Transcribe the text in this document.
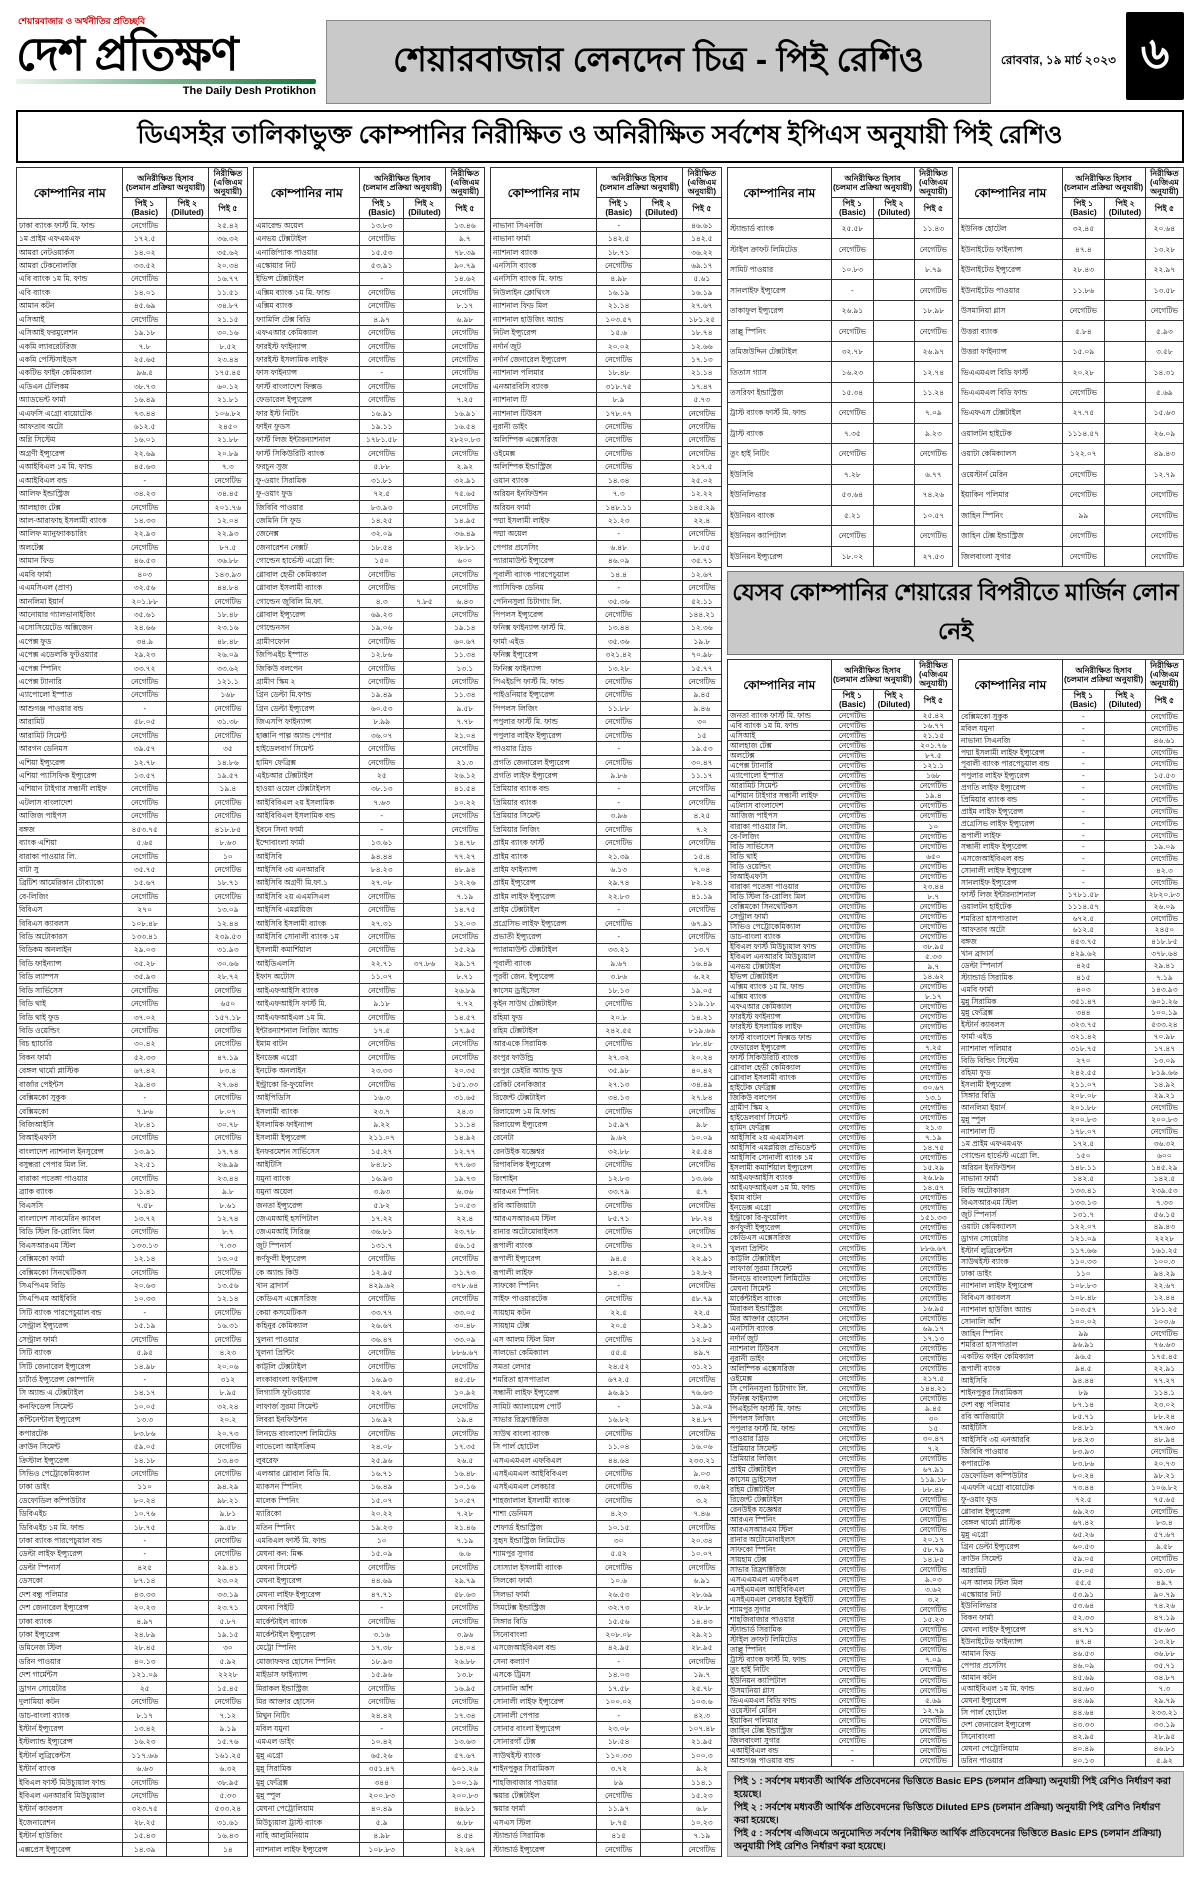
শেয়ারবাজার ও অর্থনীতির প্রতিচ্ছবি
দেশ প্রতিক্ষণ
The Daily Desh Protikhon
শেয়ারবাজার লেনদেন চিত্র - পিই রেশিও	রোববার, ১৯ মার্চ ২০২৩ ৬
ডিএসইর তালিকাভুক্ত কোম্পানির নিরীক্ষিত ও অনিরীক্ষিত সর্বশেষ ইপিএস অনুযায়ী পিই রেশিও
কোম্পানির নাম	অনিরীক্ষিত হিসাব (চলমান প্রক্রিয়া অনুযায়ী)		নিরীক্ষিত (এজিএম অনুযায়ী)
	পিই ১ (Basic)	পিই ২ (Diluted)	পিই ৫
ঢাকা ব্যাংক ফার্স্ট মি. ফান্ড	নেগেটিভ		২৫.৪২
১ম প্রাইম এফএমএফ	১৭২.৫		৩৬.৩২
আমরা নেটওয়ার্কস	১৪.০২		৩৫.৬২
আমরা টেকনোলজি	৩৩.৫২		২০.৩৪
এবি ব্যাংক ১ম মি. ফান্ড	নেগেটিভ		১৬.৭৭
এবি ব্যাংক	১৪.০১		১১.৫১
আমান কটন	৪৫.৬৯		৩৪.৮৭
এসিআই	নেগেটিভ		২১.১৫
এসিআই ফরমুলেশন	১৯.১৮		৩০.১৬
একমি ল্যাবরেটরিজ	৭.৮		৮.৫২
একমি পেস্টিসাইডস	২৫.৬৫		২৩.৪৪
একটিভ ফাইন কেমিক্যাল	৯৬.৫		১৭৫.৪৫
এডিএন টেলিকম	৩৮.৭৩		৬০.১২
অ্যাডভেন্ট ফার্মা	১৬.৪৯		২১.৮১
এএফসি এগ্রো বায়োটেক	৭৩.৪৪		১০৬.৮২
আফতাব অটো	৬১২.৫		২৪৫০
অগ্নি সিস্টেম	১৬.০১		২১.৮৮
অগ্রণী ইন্স্যুরেন্স	২২.৬৯		২০.৮৯
এআইবিএল ১ম মি. ফান্ড	৪৫.৬৩		৭.৩
এআইবিএল বন্ড	-		নেগেটিভ
আলিফ ইন্ডাস্ট্রিজ	৩৪.২৩		৩৪.৪৫
আলহাজ টেক্স	নেগেটিভ		২০১.৭৬
আল-আরাফাহ ইসলামী ব্যাংক	১৪.৩৩		১২.০৪
আলিফ ম্যানুফ্যাকচারিং	২২.৯৩		২২.৯৩
অলটেক্স	নেগেটিভ		৮৭.৫
আমান ফিড	৪৬.৫৩		৩৬.৮৮
এমবি ফার্মা	৪০৩		১৪৩.৯৩
এএমসিএল (প্রাণ)	৩২.৫৬		৪৪.৮৪
আনলিমা ইয়ার্ন	২০১.৮৮		নেগেটিভ
আনোয়ার গ্যালভানাইজিং	৩৫.৬১		১৮.৪৮
এসোসিয়েটেড অক্সিজেন	২৪.৬৬		২৩.১৬
এপেক্স ফুড	৩৪.৯		৪৮.৪৮
এপেক্স এডেলকি ফুটওয়্যার	২৯.২৩		২৬.০৯
এপেক্স স্পিনিং	৩৩.৭২		৩৩.৬২
এপেক্স ট্যানারি	নেগেটিভ		১২১.১
এ্যাপোলো ইস্পাত	নেগেটিভ		১৬৮
আশুগঞ্জ পাওয়ার বন্ড	-		নেগেটিভ
আরামিট	৫৮.০৫		৩১.৩৮
আরামিট সিমেন্ট	নেগেটিভ		নেগেটিভ
আরগন ডেনিমস	৩৯.৫৭		৩৫
এশিয়া ইন্স্যুরেন্স	১২.৭৮		১৪.৮৬
এশিয়া প্যাসিফিক ইন্স্যুরেন্স	১৩.৫৭		১৯.৫৭
এশিয়ান টাইগার সন্ধানী লাইফ	নেগেটিভ		১৯.৪
এটলাস বাংলাদেশ	নেগেটিভ		নেগেটিভ
আজিজ পাইপস	নেগেটিভ		নেগেটিভ
বঙ্গজ	৪৫৩.৭৫		৪১৮.৮৫
ব্যাংক এশিয়া	৫.৬৫		৮.৬৩
বারাকা পাওয়ার লি.	নেগেটিভ		১০
বাটা সু	৩৫.৭৫		নেগেটিভ
ব্রিটিশ আমেরিকান টোব্যাকো	১৫.৬৭		১৮.৭১
বে-লিজিং	নেগেটিভ		নেগেটিভ
বিবিএস	২৭০		১৩.০৯
বিবিএস ক্যাবলস	১০৮.৪৮		১২.৪৪
বিডি অটোকারস	১৩৩.৪১		২৩৯.৫৩
বিডিকম অনলাইন	২৯.০৩		৩১.৯৩
বিডি ফাইন্যান্স	৩৫.২৮		৩০.৬৬
বিডি ল্যাম্পস	৩৫.৯৩		২৮.৭২
বিডি সার্ভিসেস	নেগেটিভ		নেগেটিভ
বিডি থাই	নেগেটিভ		৬৫০
বিডি থাই ফুড	৩৭.০২		১৫৭.১৮
বিডি ওয়েল্ডিং	নেগেটিভ		নেগেটিভ
বিচ হ্যাচারি	৩০.৪২		নেগেটিভ
বিকন ফার্মা	৫২.৩৩		৪৭.১৯
বেঙ্গল থার্মো প্লাস্টিক	৬৭.৪২		৮৩.৪
বার্জার পেইন্টস	২৯.৪৩		২৭.৬৪
বেক্সিমকো সুকুক	-		নেগেটিভ
বেক্সিমকো	৭.৮৬		৮.০৭
বিজিআইসি	২৮.৪১		৩০.৭৮
বিআইএফসি	নেগেটিভ		নেগেটিভ
বাংলাদেশ ন্যাশনাল ইনসুরেন্স	১৩.৯১		১৭.৭৪
বসুন্ধরা পেপার মিল লি.	২২.৫১		২৬.৯৯
বারাকা পতেঙ্গা পাওয়ার	নেগেটিভ		২৩.৪৪
ব্র্যাক ব্যাংক	১১.৪১		৯.৮
বিএসসি	৭.৫৮		৮.৬১
বাংলাদেশ সাবমেরিন ক্যাবল	১৩.৭২		১২.৭৪
বিডি স্টিল রি-রোলিং মিল	নেগেটিভ		৮.৭
বিএসআরএম স্টিল	১৩৩.১৩		৭.৩৩
বেক্সিমকো ফার্মা	১২.১৪		১৩.০৫
বেক্সিমকো সিনথেটিকস	নেগেটিভ		নেগেটিভ
সিএপিএম বিডি	২০.৬৩		১৩.৫৬
সিএপিএম আইবিবি	১০.৩৩		১২.১৪
সিটি ব্যাংক পারপেচুয়াল বন্ড	-		নেগেটিভ
সেন্ট্রাল ইন্স্যুরেন্স	১৫.১৯		১৬.৩১
সেন্ট্রাল ফার্মা	নেগেটিভ		নেগেটিভ
সিটি ব্যাংক	৫.৯৫		৪.২৩
সিটি জেনারেল ইন্স্যুরেন্স	১৪.৯৮		২০.০৬
চার্টার্ড ইন্স্যুরেন্স কোম্পানি	-		৩১২
সি অ্যান্ড এ টেক্সটাইল	১৪.১৭		৮.৯৫
কনফিডেন্স সিমেন্ট	১০.০৫		৩২.২৪
কন্টিনেন্টাল ইন্স্যুরেন্স	১৩.৩		২০.২
কপারটেক	৮৩.৮৬		২০.৭৩
ক্রাউন সিমেন্ট	৫৯.০৫		নেগেটিভ
ক্রিস্টাল ইন্স্যুরেন্স	১৪.১৮		১৩.৪৩
সিভিও পেট্রোকেমিক্যাল	নেগেটিভ		নেগেটিভ
ঢাকা ডাইং	১১০		৯৪.২৯
ডেফোডিল কম্পিউটার	৮০.২৪		৯৮.২১
ডিবিএইচ	১০.৭৬		৯.৮১
ডিবিএইচ ১ম মি. ফান্ড	১৮.৭৫		৯.৫৮
ঢাকা ব্যাংক পারপেচুয়াল বন্ড	-		নেগেটিভ
ডেল্টা লাইফ ইন্স্যুরেন্স	-		নেগেটিভ
ডেল্টা স্পিনার্স	৪২৫		২৯.৪১
ডেসকো	৮৭.১৪		২৩.০২
দেশ বন্ধু পলিমার	৪৩.৩৩		৩৩.১৯
দেশ জেনারেল ইন্স্যুরেন্স	২০.২৩		২৩.৭১
ঢাকা ব্যাংক	৪.৯৭		৫.৮৭
ঢাকা ইন্স্যুরেন্স	২৪.৮৯		১৯.১৫
ডমিনেজ স্টিল	২৮.৪৫		৩০
ডরিন পাওয়ার	৪০.১৩		৫.৯২
দেশ গার্মেন্টস	১২১.০৯		২২২৮
ড্রাগন সোয়েটার	২৫		১৫.৪৫
দুলামিয়া কটন	নেগেটিভ		নেগেটিভ
ডাচ-বাংলা ব্যাংক	৮.১৭		৭.১২
ইস্টার্ন ইন্স্যুরেন্স	১৩.৪২		৯.১৯
ইস্টল্যান্ড ইন্স্যুরেন্স	১৬.২৩		১৫.৭৬
ইস্টার্ন লুব্রিকেন্টস	১১৭.৬৬		১৬১.২৫
ইস্টার্ন ব্যাংক	৬.৬৩		৬.৩২
ইবিএল ফার্স্ট মিউচ্যুয়াল ফান্ড	নেগেটিভ		৩৮.৯৫
ইবিএল এনআরবি মিউচ্যুয়াল	নেগেটিভ		৫.৩৩
ইস্টার্ন ক্যাবলস	৩২৩.৭৫		৫৩৩.২৪
ইজেনারেশন	২৮.২৫		৩১.৬১
ইস্টার্ন হাউজিং	১৫.৪৩		১৬.৪৩
এক্সপ্রেস ইন্স্যুরেন্স	১৪.৩৯		১৪
কোম্পানির নাম	অনিরীক্ষিত হিসাব (চলমান প্রক্রিয়া অনুযায়ী)		নিরীক্ষিত (এজিএম অনুযায়ী)
	পিই ১ (Basic)	পিই ২ (Diluted)	পিই ৫
এমারেল্ড অয়েল	১৩.৮৩		১৩.৪৬
এনভয় টেক্সটাইল	নেগেটিভ		৯.৭
এনার্জিপ্যাক পাওয়ার	১৫.৫৩		৭৮.৩৯
এস্কোয়ার নিট	৫৩.৯১		৯০.৭৯
ইভিন্স টেক্সটাইল	-		১৪.৬২
এক্সিম ব্যাংক ১ম মি. ফান্ড	নেগেটিভ		নেগেটিভ
এক্সিম ব্যাংক	নেগেটিভ		৮.১৭
ফ্যামিলি টেক্স বিডি	৪.৯৭		৬.৯৮
এফএআর কেমিক্যাল	নেগেটিভ		নেগেটিভ
ফারইস্ট ফাইন্যান্স	নেগেটিভ		নেগেটিভ
ফারইস্ট ইসলামিক লাইফ	নেগেটিভ		নেগেটিভ
ফাস ফাইন্যান্স	-		নেগেটিভ
ফার্স্ট বাংলাদেশ ফিক্সড	নেগেটিভ		নেগেটিভ
ফেডারেল ইন্স্যুরেন্স	নেগেটিভ		৭.২৫
ফার ইস্ট নিটিং	১৬.৯১		১৬.৯১
ফাইন ফুডস	১৯.১১		১৬.৫৪
ফার্স্ট লিজ ইন্টারন্যাশনাল	১৭৮১.৫৮		২৮২০.৮৩
ফার্স্ট সিকিউরিটি ব্যাংক	নেগেটিভ		নেগেটিভ
ফরচুন সুজ	৫.৮৮		২.৯২
ফু-ওয়াং সিরামিক	৩১.৮১		৩২.৯১
ফু-ওয়াং ফুড	৭২.৫		৭৫.৬৫
জিবিবি পাওয়ার	৮৩.৯৩		নেগেটিভ
জেমিনি সি ফুড	১৪.২৫		১৪.৯৫
জেনেক্স	৩২.০৯		৩৬.৪৯
জেনারেশন নেক্সট	১৮.৫৪		২৮.৮১
গোল্ডেন হার্ভেস্ট এগ্রো লি:	১৫০		৬০০
গ্লোবাল হেভী কেমিক্যাল	নেগেটিভ		নেগেটিভ
গ্লোবাল ইসলামী ব্যাংক	নেগেটিভ		নেগেটিভ
গোল্ডেন জুবিলি মি.ফা.	৪.৩	৭.৮৫	৬.৪৩
গ্লোবাল ইন্স্যুরেন্স	৬৯.২৩		নেগেটিভ
গোল্ডেনসন	১৯.০৬		১৯.১৪
গ্রামীণফোন	নেগেটিভ		৬০.৬৭
জিপিএইচ ইস্পাত	১২.৮৬		১১.৩৪
জিকিউ বলপেন	নেগেটিভ		১৩.১
গ্রামীণ স্কিম ২	নেগেটিভ		নেগেটিভ
গ্রিন ডেল্টা মি.ফান্ড	১৯.৪৯		১১.৩৪
গ্রিন ডেল্টা ইন্স্যুরেন্স	৬০.৫৩		৯.৫৮
জিএসপি ফাইন্যান্স	৮.৯৯		৭.৭৮
হাক্কানি পাল্প অ্যান্ড পেপার	৩৬.০৭		২১.০৪
হাইডেলবার্গ সিমেন্ট	নেগেটিভ		নেগেটিভ
হামিদ ফেব্রিক্স	নেগেটিভ		২১.৩
এইচআর টেক্সটাইল	২৫		২৬.১২
হাওয়া ওয়েল টেক্সটাইলস	৩৮.১৩		৪১.৫৪
আইবিবিএল ২য় ইসলামিক	৭.৬৩		১০.২২
আইবিবিএল ইসলামিক বন্ড	-		নেগেটিভ
ইবনে সিনা ফার্মা	-		নেগেটিভ
ইন্দোবাংলা ফার্মা	১৩.৬১		১৪.৭৮
আইসিবি	৯৪.৪৪		৭৭.২৭
আইসিবি ৩য় এনআরবি	৮৪.২৩		৪৮.৯৪
আইসিবি অগ্রণী মি.ফা.১	২৭.০৮		১২.২৬
আইসিবি ২য় এএমসিএল	নেগেটিভ		৭.১৯
আইসিবি এমপ্লয়িজ	নেগেটিভ		১৪.৭৫
আইসিবি ইসলামী ব্যাংক	২৭.৩১		১২.০৩
আইসিবি সোনালী ব্যাংক ১ম	নেগেটিভ		নেগেটিভ
ইসলামী কমার্শিয়াল	নেগেটিভ		১৫.২৯
আইডিএলসি	২২.৭১	৩৭.৮৬	২৯.১৭
ইফাদ অটোস	১১.০৭		৮.৭১
আইএফআইসি ব্যাংক	নেগেটিভ		২৬.৮৯
আইএফআইসি ফার্স্ট মি.	৯.১৮		৭.৭২
আইএফআইএল ১ম মি.	নেগেটিভ		১৪.৫৭
ইন্টারন্যাশনাল লিজিং অ্যান্ড	১৭.৫		১৭.৯৫
ইমাম বাটন	নেগেটিভ		নেগেটিভ
ইনডেক্স এগ্রো	নেগেটিভ		নেগেটিভ
ইনটেক অনলাইন	২৩.৩৩		২০.৩৫
ইন্ট্রাকো রি-ফুয়েলিং	নেগেটিভ		১৫১.৩৩
আইপিডিসি	১৬.৩		৩১.৬৫
ইসলামী ব্যাংক	২৩.৭		২৪.৩
ইসলামিক ফাইন্যান্স	৯.২২		১১.১৪
ইসলামী ইন্স্যুরেন্স	২১১.০৭		১৪.৯২
ইনফরমেশন সার্ভিসেস	১৫.২৭		১২.৭৭
আইটিসি	৮৪.৮১		৭৭.৬৩
যমুনা ব্যাংক	১৬.৯৩		১৯.৭৩
যমুনা অয়েল	৩.৯৩		৬.৩৬
জনতা ইন্স্যুরেন্স	৫.৮২		১০.৫৩
জেএমআই হসপিটাল	১৭.২২		২২.৪
জেএমআই সিরিঞ্জ	৩৬.৮১		২৩.৭৮
জুট স্পিনার্স	১৩১.৭		৫৬.১৫
কর্ণফুলী ইন্স্যুরেন্স	নেগেটিভ		নেগেটিভ
কে অ্যান্ড কিউ	১২.৯৫		১১.৭৩
খান ব্রাদার্স	৪২৯.৬২		৩৭৮.৬৪
কেডিএস এক্সেসরিজ	নেগেটিভ		নেগেটিভ
কেয়া কসমেটিকস	৩৩.৭৭		৩৩.০৫
কহিনুর কেমিক্যাল	২৬.৬৭		৩০.৪৮
খুলনা পাওয়ার	৩৬.৪৭		৩৩.০৯
খুলনা প্রিন্টিং	নেগেটিভ		৮৮৬.৬৭
কাট্টলি টেক্সটাইল	নেগেটিভ		নেগেটিভ
লংকাবাংলা ফাইন্যান্স	১৬.৯৩		৪৫.৫৮
লিগ্যাসি ফুটওয়্যার	২২.৬৭		১০.৯২
লাফার্জ সুরমা সিমেন্ট	নেগেটিভ		নেগেটিভ
লিবরা ইনফিউশন	১৬.৯২		১৯.৪
লিনডে বাংলাদেশ লিমিটেড	নেগেটিভ		নেগেটিভ
লাভেলো আইসক্রিম	২৪.০৮		১৭.৩৫
লুবরেফ	২৫.৯৬		২৬.৫
এলআর গ্লোবাল বিডি মি.	১৬.৭১		১৬.৪৮
ম্যাকসন স্পিনিং	১৬.৪৯		১০.১৬
মালেক স্পিনিং	১৫.০৭		১০.৫৭
ম্যারিকো	২০.২২		৭.২৮
মতিন স্পিনিং	১৯.২৩		২১.৪৬
এমবিএল ফার্স্ট মি. ফান্ড	১০		৭.১৯
মেঘনা কন: মিল্ক	১৫.০৯		৬.৬
মেঘনা সিমেন্ট	নেগেটিভ		নেগেটিভ
মেঘনা ইন্স্যুরেন্স	৪৪.৬৯		২৯.৭৯
মেঘনা লাইফ ইন্স্যুরেন্স	৪৭.৭১		৫৮.৬৩
মেঘনা পিইটি	-		নেগেটিভ
মার্কেন্টাইল ব্যাংক	নেগেটিভ		নেগেটিভ
মার্কেন্টাইল ইন্স্যুরেন্স	৩.১৬		৩.৯৬
মেট্রো স্পিনিং	১৭.৩৮		১৪.০৪
মোজাফফর হোসেন স্পিনিং	১৮.৯৩		২৬.৮৮
মাইডাস ফাইন্যান্স	১৫.৯৬		১৩.৮
মিরাকল ইন্ডাস্ট্রিজ	নেগেটিভ		১৬.৯৫
মির আক্তার হোসেন	নেগেটিভ		নেগেটিভ
মিথুন নিটিং	২৪.৪২		১৭.৩৪
মবিল যমুনা	-		নেগেটিভ
এমএল ডাইং	১০.৪২		১৩.৬৩
মুন্নু এগ্রো	৬৫.২৬		৫৭.৬৭
মুন্নু সিরামিক	৩৫১.৪৭		৬০১.২৬
মুন্নু ফেব্রিক্স	৩৪৪		১০০.১৯
মুন্নু স্পুল	২০০.৮৩		২০০.৮৩
মেঘনা পেট্রোলিয়াম	৪০.৪৯		৪৬.৮১
মিউচ্যুয়াল ট্রাস্ট ব্যাংক	৫.৯		৬.৮৮
নাহি আলুমিনিয়াম	৪.৯৮		৪.৫৪
ন্যাশনাল লাইফ ইন্স্যুরেন্স	১০৮.৮৩		২২.৬৭
কোম্পানির নাম	অনিরীক্ষিত হিসাব (চলমান প্রক্রিয়া অনুযায়ী)		নিরীক্ষিত (এজিএম অনুযায়ী)
	পিই ১ (Basic)	পিই ২ (Diluted)	পিই ৫
নাভানা সিএনজি	-		৪৬.৬১
নাভানা ফার্মা	১৪২.৫		১৪২.৫
ন্যাশনাল ব্যাংক	১৮.৭১		৩৬.২২
এনসিসি ব্যাংক	নেগেটিভ		৬৯.১৭
এনসিসি ব্যাংক মি. ফান্ড	৪.৯৮		৫.৬১
নিউলাইন ক্লোথিংস	১৬.১৯		১৬.১৯
ন্যাশনাল ফিড মিল	২১.১৪		২৭.৬৭
ন্যাশনাল হাউজিং অ্যান্ড	১০৩.৫৭		১৮১.২৫
নিটল ইন্স্যুরেন্স	১৫.৬		১৮.৭৪
নর্দার্ন জুট	২০.০২		১২.৬৬
নর্দার্ন জেনারেল ইন্স্যুরেন্স	নেগেটিভ		১৭.১৩
ন্যাশনাল পলিমার	১৮.৪৮		২১.১৪
এনআরবিসি ব্যাংক	৩১৮.৭৫		১৭.৪৭
ন্যাশনাল টি	৮.৯		৫.৭৩
ন্যাশনাল টিউবস	১৭৮.০৭		নেগেটিভ
নুরানী ডাইং	নেগেটিভ		নেগেটিভ
অলিম্পিক এক্সেসরিজ	নেগেটিভ		নেগেটিভ
ওইমেক্স	নেগেটিভ		নেগেটিভ
অলিম্পিক ইন্ডাস্ট্রিজ	নেগেটিভ		২১৭.৫
ওয়ান ব্যাংক	১৪.৩৪		২৫.০২
অরিয়ন ইনফিউশন	৭.৩		১২.২২
অরিয়ন ফার্মা	১৪৮.১১		১৪৫.২৯
পদ্মা ইসলামী লাইফ	২১.২৩		২২.৪
পদ্মা অয়েল	-		নেগেটিভ
পেপার প্রসেসিং	৬.৪৮		৮.৫৫
প্যারামাউন্ট ইন্স্যুরেন্স	৪৬.০৯		৩৫.৭১
পূবালী ব্যাংক পারপেচুয়াল	১৪.৪		১২.৬৭
প্যাসিফিক ডেনিম	-		নেগেটিভ
পেনিনসুলা চিটাগাং লি.	৩৫.৩৬		৫২.১১
পিপলস ইন্স্যুরেন্স	নেগেটিভ		১৪৪.২১
ফনিক্স ফাইন্যান্স ফার্স্ট মি.	১৩.৪৪		১২.৩৬
ফার্মা এইড	৩৫.৩৬		১৯.৮
ফনিক্স ইন্স্যুরেন্স	৩২১.৪২		৭০.৯৮
ফিনিক্স ফাইন্যান্স	১৩.২৮		১৫.৭৭
পিএইচপি ফার্স্ট মি. ফান্ড	নেগেটিভ		নেগেটিভ
পাইওনিয়ার ইন্স্যুরেন্স	নেগেটিভ		৯.৪৫
পিপলস লিজিং	১১.৮৮		৯.৪৬
পপুলার ফার্স্ট মি. ফান্ড	নেগেটিভ		৩০
পপুলার লাইফ ইন্স্যুরেন্স	নেগেটিভ		১৫
পাওয়ার গ্রিড	-		১৯.৫৩
প্রগতি জেনারেল ইন্স্যুরেন্স	নেগেটিভ		৩০.৪৭
প্রগতি লাইফ ইন্স্যুরেন্স	৯.৮৬		১১.১৭
প্রিমিয়ার ব্যাংক বন্ড	-		নেগেটিভ
প্রিমিয়ার ব্যাংক	-		নেগেটিভ
প্রিমিয়ার সিমেন্ট	৩.৯৬		৪.২৫
প্রিমিয়ার লিজিং	নেগেটিভ		৭.২
প্রাইম ব্যাংক ফার্স্ট	নেগেটিভ		নেগেটিভ
প্রাইম ব্যাংক	২১.৩৯		১৫.৪
প্রাইম ফাইন্যান্স	৬.১৩		৭.০৪
প্রাইম ইন্স্যুরেন্স	২৯.৭৪		৮২.১৪
প্রাইম লাইফ ইন্স্যুরেন্স	২২.৮৩		৪১.১৯
প্রাইম টেক্সটাইল	-		নেগেটিভ
প্রগ্রেসিভ লাইফ ইন্স্যুরেন্স	নেগেটিভ		৬৭.৯১
প্রভাতী ইন্স্যুরেন্স	-		নেগেটিভ
প্যারামাউন্ট টেক্সটাইল	৩৩.২১		১৩.৭
পূবালী ব্যাংক	৯.৬৭		১৬.৪৯
পূরবী জেন. ইন্স্যুরেন্স	৩.৮৬		৬.২২
কাসেম ড্রাইসেল	১৮.১৩		১৯.০৫
কুইন সাউথ টেক্সটাইল	নেগেটিভ		১১৯.১৮
রহিমা ফুড	২০.৮		১৪.২১
রহিম টেক্সটাইল	২৪২.৫৫		৮১৯.৬৬
আরএকে সিরামিক	নেগেটিভ		৮৮.৪৮
রংপুর ফাউন্ড্রি	২৭.৩২		২০.২৪
রংপুর ডেইরি অ্যান্ড ফুড	৩৫.৯৮		৪০.৪২
রেকিট বেনকিজার	২৭.১৩		৩৪.৪৯
রিজেন্ট টেক্সটাইল	৩৪.১৩		২৭.৮৪
রিলায়েন্স ১ম মি.ফান্ড	নেগেটিভ		নেগেটিভ
রিলায়েন্স ইন্স্যুরেন্স	১৫.৯৭		৯.৮
রেনেটা	৯.৬২		১০.০৯
রেনউইক যজ্ঞেশ্বর	৩২.৮৮		২৫.৫৪
রিপাবলিক ইন্স্যুরেন্স	নেগেটিভ		নেগেটিভ
রিংশাইন	১২.৮৩		১৩.৬৬
আরএন স্পিনিং	৩৩.৭৯		৫.৭
রবি আজিয়াটা	নেগেটিভ		নেগেটিভ
আরএসআরএম স্টিল	৮৫.৭১		৮৮.২৪
রানার অটোমোবাইলস	নেগেটিভ		নেগেটিভ
রূপালী ব্যাংক	নেগেটিভ		২০.১৭
রূপালী ইন্স্যুরেন্স	৯৪.৫		২২.৯১
রূপালী লাইফ	১৪.০৪		১২.৮২
সাফকো স্পিনিং	-		নেগেটিভ
সাইফ পাওয়ারটেক	নেগেটিভ		৫৮.৭৯
সায়হাম কটন	২২.৫		২২.৫
সায়হাম টেক্স	২০.৫		১২.৯১
এস আলম স্টিল মিল	নেগেটিভ		১২.৮৫
সালভো কেমিক্যাল	৫৫.৫		৪৯.৭
সমতা লেদার	২৪.৫২		৩১.২১
শমরিতা হাসপাতাল	৬৭২.৫		নেগেটিভ
সন্ধানী লাইফ ইন্স্যুরেন্স	৯৬.৯১		৭৬.৬৩
সামিট অ্যালায়েন্স পোর্ট	-		১৯.০৯
সাভার রিফ্র্যাক্টরিজ	১৬.৮২		২৪.৮৭
সাউথ বাংলা ব্যাংক	নেগেটিভ		নেগেটিভ
সি পার্ল হোটেল	১১.০৪		১৬.০৬
এসএএমএল এফবিএল	৪৪.৬৪		২৩৩.২১
এসইএমএল আইবিবিএল	নেগেটিভ		৯.০৩
এসইএমএল লেকচার	নেগেটিভ		৩.৬২
শাহজালাল ইসলামী ব্যাংক	নেগেটিভ		৩.২
শাশা ডেনিমস	৪.২৩		৭.৪৬
শেফার্ড ইন্ডাস্ট্রিজ	১০.১৫		নেগেটিভ
সুহৃদ ইন্ডাস্ট্রিজ লিমিটেড	৩০		২০.৩৪
শ্যামপুর সুগার	৫.৫২		১০.০৭
সোস্যাল ইসলামী ব্যাংক	নেগেটিভ		নেগেটিভ
সিলকো ফার্মা	১০.৬		৬.৯১
সিলভা ফার্মা	২৬.৫৩		২৮.৬৯
সিমটেক্স ইন্ডাস্ট্রিজ	৩২.৭৩		২৮.৮
সিঙ্গার বিডি	১৫.৫৬		১৪.৪৩
সিনোবাংলা	২০৮.০৮		২৯.২১
এসজেআইবিএল বন্ড	৪২.৯৫		২৮.৯৫
সেনা কল্যাণ	-		নেগেটিভ
এসকে ট্রিমস	১৪.০৩		১৯.৭
সোনালি আঁশ	১৭.৫৮		২৫.৭৮
সোনালী লাইফ ইন্স্যুরেন্স	১০০.০২		১০৩.৬
সোনালী পেপার	-		৪২.৩
সোনার বাংলা ইন্স্যুরেন্স	২৩.০৮		১০৭.৪৮
সোনারগাঁ টেক্স	১৮.৫৪		২১.৯৫
সাউথইস্ট ব্যাংক	১১০.৩৩		১০০.৩
শাইনপুকুর সিরামিকস	৩.৭২		৯.২
শাহজিবাজার পাওয়ার	৮৯		১১৪.১
স্কয়ার টেক্সটাইল	নেগেটিভ		১৫.২৩
স্কয়ার ফার্মা	১১.৯৭		৬.৮
এসএস স্টিল	৮.৭৫		১০.২৩
স্ট্যান্ডার্ড সিরামিক	৪১৫		৭.১৯
স্ট্যান্ডার্ড ইন্স্যুরেন্স	নেগেটিভ		নেগেটিভ
কোম্পানির নাম	অনিরীক্ষিত হিসাব (চলমান প্রক্রিয়া অনুযায়ী)		নিরীক্ষিত (এজিএম অনুযায়ী)
	পিই ১ (Basic)	পিই ২ (Diluted)	পিই ৫
স্ট্যান্ডার্ড ব্যাংক	২৫.৫৮		১১.৪৩
স্টাইল ক্রাফট লিমিটেড	নেগেটিভ		নেগেটিভ
সামিট পাওয়ার	১০.৮৩		৮.৭৯
সানলাইফ ইন্স্যুরেন্স	-		নেগেটিভ
তাকাফুল ইন্স্যুরেন্স	২৬.৯১		১৮.৯৮
তাল্লু স্পিনিং	নেগেটিভ		নেগেটিভ
তমিজউদ্দিন টেক্সটাইল	৩২.৭৮		২৬.৯৭
তিতাস গ্যাস	১৬.২৩		১২.৭৪
তসরিফা ইন্ডাস্ট্রিজ	১৫.৩৪		১১.২৪
ট্রাস্ট ব্যাংক ফার্স্ট মি. ফান্ড	নেগেটিভ		৭.০৯
ট্রাস্ট ব্যাংক	৭.৩৫		৯.২৩
তুং হাই নিটিং	নেগেটিভ		নেগেটিভ
ইউসিবি	৭.২৮		৬.৭৭
ইউনিলিভার	৫৩.৬৪		৭৪.২৬
ইউনিয়ন ব্যাংক	৫.২১		১০.৫৭
ইউনিয়ন ক্যাপিটাল	নেগেটিভ		নেগেটিভ
ইউনিয়ন ইন্স্যুরেন্স	১৮.০২		২৭.৫৩
কোম্পানির নাম	অনিরীক্ষিত হিসাব (চলমান প্রক্রিয়া অনুযায়ী)		নিরীক্ষিত (এজিএম অনুযায়ী)
	পিই ১ (Basic)	পিই ২ (Diluted)	পিই ৫
ইউনিক হোটেল	৩২.৪৫		২০.৬৪
ইউনাইটেড ফাইন্যান্স	৪৭.৪		১৩.২৮
ইউনাইটেড ইন্স্যুরেন্স	২৮.৪৩		২২.৯৭
ইউনাইটেড পাওয়ার	১১.৮৬		১৩.৫৮
উসমানিয়া গ্লাস	নেগেটিভ		নেগেটিভ
উত্তরা ব্যাংক	৫.৮৪		৫.৯৩
উত্তরা ফাইন্যান্স	১৫.০৯		৩.৫৮
ভিএএমএল বিডি ফার্স্ট	২০.২৮		১৪.৩১
ভিএএমএল বিডি ফান্ড	নেগেটিভ		৫.৬৯
ভিএফএস টেক্সটাইল	২৭.৭৫		১৫.৬৩
ওয়ালটন হাইটেক	১১১৪.৫৭		২৬.০৯
ওয়াটা কেমিক্যালস	১২২.০৭		৪৯.৪৩
ওয়েস্টার্ন মেরিন	নেগেটিভ		১২.৭৯
ইয়াকিন পলিমার	নেগেটিভ		নেগেটিভ
জাহিন স্পিনিং	৯৯		নেগেটিভ
জাহিন টেক্স ইন্ডাস্ট্রিজ	নেগেটিভ		নেগেটিভ
জিলবাংলা সুগার	নেগেটিভ		নেগেটিভ
যেসব কোম্পানির শেয়ারের বিপরীতে মার্জিন লোন নেই
কোম্পানির নাম	অনিরীক্ষিত হিসাব (চলমান প্রক্রিয়া অনুযায়ী)		নিরীক্ষিত (এজিএম অনুযায়ী)
	পিই ১ (Basic)	পিই ২ (Diluted)	পিই ৫
জনতা ব্যাংক ফার্স্ট মি. ফান্ড	নেগেটিভ		২৫.৪২
এবি ব্যাংক ১ম মি. ফান্ড	নেগেটিভ		১৬.৭৭
এসিআই	নেগেটিভ		২১.১৫
আলহাজ টেক্স	নেগেটিভ		২০১.৭৬
অলটেক্স	নেগেটিভ		৮৭.৫
এপেক্স ট্যানারি	নেগেটিভ		১২১.১
এ্যাপোলো ইস্পাত	নেগেটিভ		১৬৮
আরামিট সিমেন্ট	নেগেটিভ		নেগেটিভ
এশিয়ান টাইগার সন্ধানী লাইফ	নেগেটিভ		১৯.৪
এটলাস বাংলাদেশ	নেগেটিভ		নেগেটিভ
আজিজ পাইপস	নেগেটিভ		নেগেটিভ
বারাকা পাওয়ার লি.	নেগেটিভ		১০
বে-লিজিং	নেগেটিভ		নেগেটিভ
বিডি সার্ভিসেস	নেগেটিভ		নেগেটিভ
বিডি থাই	নেগেটিভ		৬৫০
বিডি ওয়েল্ডিং	নেগেটিভ		নেগেটিভ
বিআইএফসি	নেগেটিভ		নেগেটিভ
বারাকা পতেঙ্গা পাওয়ার	নেগেটিভ		২৩.৪৪
বিডি স্টিল রি-রোলিং মিল	নেগেটিভ		৮.৭
বেক্সিমকো সিনথেটিকস	নেগেটিভ		নেগেটিভ
সেন্ট্রাল ফার্মা	নেগেটিভ		নেগেটিভ
সিভিও পেট্রোকেমিক্যাল	নেগেটিভ		নেগেটিভ
ডাচ-বাংলা ব্যাংক	নেগেটিভ		নেগেটিভ
ইবিএল ফার্স্ট মিউচ্যুয়াল ফান্ড	নেগেটিভ		৩৮.৯৫
ইবিএল এনআরবি মিউচ্যুয়াল	নেগেটিভ		৫.৩৩
এনভয় টেক্সটাইল	নেগেটিভ		৯.৭
ইভিন্স টেক্সটাইল	নেগেটিভ		১৪.৬২
এক্সিম ব্যাংক ১ম মি. ফান্ড	নেগেটিভ		নেগেটিভ
এক্সিম ব্যাংক	নেগেটিভ		৮.১৭
এফএআর কেমিক্যাল	নেগেটিভ		নেগেটিভ
ফারইস্ট ফাইন্যান্স	নেগেটিভ		নেগেটিভ
ফারইস্ট ইসলামিক লাইফ	নেগেটিভ		নেগেটিভ
ফার্স্ট বাংলাদেশ ফিক্সড ফান্ড	নেগেটিভ		নেগেটিভ
ফেডারেল ইন্স্যুরেন্স	নেগেটিভ		৭.২৫
ফার্স্ট সিকিউরিটি ব্যাংক	নেগেটিভ		নেগেটিভ
গ্লোবাল হেভী কেমিক্যাল	নেগেটিভ		নেগেটিভ
গ্লোবাল ইসলামী ব্যাংক	নেগেটিভ		নেগেটিভ
হাইটেক ফেব্রিক্স	নেগেটিভ		৩০.৬৭
জিকিউ বলপেন	নেগেটিভ		১৩.১
গ্রামীণ স্কিম ২	নেগেটিভ		নেগেটিভ
হাইডেলবার্গ সিমেন্ট	নেগেটিভ		নেগেটিভ
হামিদ ফেব্রিক্স	নেগেটিভ		২১.৩
আইসিবি ২য় এএমসিএল	নেগেটিভ		৭.১৯
আইসিবি এমপ্লয়িজ প্রভিডেন্ট	নেগেটিভ		১৪.৭৫
আইসিবি সোনালী ব্যাংক ১ম	নেগেটিভ		নেগেটিভ
ইসলামী কমার্শিয়াল ইন্স্যুরেন্স	নেগেটিভ		১৫.২৯
আইএফআইসি ব্যাংক	নেগেটিভ		২৬.৮৯
আইএফআইএল ১ম মি. ফান্ড	নেগেটিভ		১৪.৫৭
ইমাম বাটন	নেগেটিভ		নেগেটিভ
ইনডেক্স এগ্রো	নেগেটিভ		নেগেটিভ
ইন্ট্রাকো রি-ফুয়েলিং	নেগেটিভ		১৫১.৩৩
কর্ণফুলী ইন্স্যুরেন্স	নেগেটিভ		নেগেটিভ
কেডিএস এক্সেসরিজ	নেগেটিভ		নেগেটিভ
খুলনা প্রিন্টিং	নেগেটিভ		৮৮৬.৬৭
কাট্টলি টেক্সটাইল	নেগেটিভ		নেগেটিভ
লাফার্জ সুরমা সিমেন্ট	নেগেটিভ		নেগেটিভ
লিনডে বাংলাদেশ লিমিটেড	নেগেটিভ		নেগেটিভ
মেঘনা সিমেন্ট	নেগেটিভ		নেগেটিভ
মার্কেন্টাইল ব্যাংক	নেগেটিভ		নেগেটিভ
মিরাকল ইন্ডাস্ট্রিজ	নেগেটিভ		১৬.৯৫
মির আক্তার হোসেন	নেগেটিভ		নেগেটিভ
এনসিসি ব্যাংক	নেগেটিভ		৬৯.১৭
নর্দার্ন জুট	নেগেটিভ		১৭.১৩
ন্যাশনাল টিউবস	নেগেটিভ		নেগেটিভ
নুরানী ডাইং	নেগেটিভ		নেগেটিভ
অলিম্পিক এক্সেসরিজ	নেগেটিভ		নেগেটিভ
ওইমেক্স	নেগেটিভ		২১৭.৫
সি পেনিনসুলা চিটাগাং লি.	নেগেটিভ		১৪৪.২১
ফিনিক্স ফাইন্যান্স	নেগেটিভ		নেগেটিভ
পিএইচপি ফার্স্ট মি. ফান্ড	নেগেটিভ		৯.৪৫
পিপলস লিজিং	নেগেটিভ		৩০
পপুলার ফার্স্ট মি. ফান্ড	নেগেটিভ		১৫
পাওয়ার গ্রিড	নেগেটিভ		৩০.৪৭
প্রিমিয়ার সিমেন্ট	নেগেটিভ		৭.২
প্রিমিয়ার লিজিং	নেগেটিভ		নেগেটিভ
প্রাইম টেক্সটাইল	নেগেটিভ		৬৭.৯১
কাসেম ড্রাইসেল	নেগেটিভ		১১৯.১৮
রহিম টেক্সটাইল	নেগেটিভ		৮৮.৪৮
রিজেন্ট টেক্সটাইল	নেগেটিভ		নেগেটিভ
রেনউইক যজ্ঞেশ্বর	নেগেটিভ		নেগেটিভ
আরএন স্পিনিং	নেগেটিভ		নেগেটিভ
আরএসআরএম স্টিল	নেগেটিভ		নেগেটিভ
রানার অটোমোবাইলস	নেগেটিভ		২০.১৭
সাফকো স্পিনিং	নেগেটিভ		৫৮.৭৯
সায়হাম টেক্স	নেগেটিভ		১৪.৮৫
সাভার রিফ্র্যাক্টরিজ	নেগেটিভ		নেগেটিভ
এসএএমএল এফবিএল	নেগেটিভ		৯.০৩
এসইএমএল আইবিবিএল	নেগেটিভ		৩.৬২
এসইএমএল লেকচার ইকুইটি	নেগেটিভ		৩.২
শ্যামপুর সুগার	নেগেটিভ		নেগেটিভ
শাহজিবাজার পাওয়ার	নেগেটিভ		১৫.২৩
স্ট্যান্ডার্ড সিরামিক	নেগেটিভ		নেগেটিভ
স্টাইল ক্রাফট লিমিটেড	নেগেটিভ		নেগেটিভ
তাল্লু স্পিনিং	নেগেটিভ		নেগেটিভ
ট্রাস্ট ব্যাংক ফার্স্ট মি. ফান্ড	নেগেটিভ		৭.০৯
তুং হাই নিটিং	নেগেটিভ		নেগেটিভ
ইউনিয়ন ক্যাপিটাল	নেগেটিভ		নেগেটিভ
উসমানিয়া গ্লাস	নেগেটিভ		নেগেটিভ
ভিএএমএল বিডি ফান্ড	নেগেটিভ		৫.৬৯
ওয়েস্টার্ন মেরিন	নেগেটিভ		১২.৭৯
ইয়াকিন পলিমার	নেগেটিভ		নেগেটিভ
জাহিন টেক্স ইন্ডাস্ট্রিজ	নেগেটিভ		নেগেটিভ
জিলবাংলা সুগার	নেগেটিভ		নেগেটিভ
এআইবিএল বন্ড	-		নেগেটিভ
আশুগঞ্জ পাওয়ার বন্ড	-		নেগেটিভ
কোম্পানির নাম	অনিরীক্ষিত হিসাব (চলমান প্রক্রিয়া অনুযায়ী)		নিরীক্ষিত (এজিএম অনুযায়ী)
	পিই ১ (Basic)	পিই ২ (Diluted)	পিই ৫
বেক্সিমকো সুকুক	-		নেগেটিভ
মবিল যমুনা	-		নেগেটিভ
নাভানা সিএনজি	-		৪৬.৬১
পদ্মা ইসলামী লাইফ ইন্স্যুরেন্স	-		নেগেটিভ
পূবালী ব্যাংক পারপেচুয়াল বন্ড	-		নেগেটিভ
পপুলার লাইফ ইন্স্যুরেন্স	-		১৫.৫৩
প্রগতি লাইফ ইন্স্যুরেন্স	-		নেগেটিভ
প্রিমিয়ার ব্যাংক বন্ড	-		নেগেটিভ
প্রাইম লাইফ ইন্স্যুরেন্স	-		নেগেটিভ
প্রগ্রেসিভ লাইফ ইন্স্যুরেন্স	-		নেগেটিভ
রূপালী লাইফ	-		নেগেটিভ
সন্ধানী লাইফ ইন্স্যুরেন্স	-		১৯.০৯
এসজেআইবিএল বন্ড	-		নেগেটিভ
সোনালী লাইফ ইন্স্যুরেন্স	-		৪২.৩
সানলাইফ ইন্স্যুরেন্স	-		নেগেটিভ
ফার্স্ট লিজ ইন্টারন্যাশনাল	১৭৮১.৫৮		২৮২০.৮৩
ওয়ালটন হাইটেক	১১১৪.৫৭		২৬.০৯
শমরিতা হাসপাতাল	৬৭২.৫		নেগেটিভ
আফতাব অটো	৬১২.৫		২৪৫০
বঙ্গজ	৪৫৩.৭৫		৪১৮.৮৫
খান ব্রাদার্স	৪২৯.৬২		৩৭৮.৬৪
ডেল্টা স্পিনার্স	৪২৫		২৯.৪১
স্ট্যান্ডার্ড সিরামিক	৪১৫		৭.১৯
এমবি ফার্মা	৪০৩		১৪৩.৯৩
মুন্নু সিরামিক	৩৫১.৪৭		৬০১.২৬
মুন্নু ফেব্রিক্স	৩৪৪		১০০.১৯
ইস্টার্ন ক্যাবলস	৩২৩.৭৫		৫৩৩.২৪
ফার্মা এইড	৩২১.৪২		৭০.৯৮
ন্যাশনাল পলিমার	৩১৮.৭৫		১৭.৪৭
বিডি বিল্ডিং সিস্টেম	২৭০		১৩.০৯
রহিমা ফুড	২৪২.৫৫		৮১৯.৬৬
ইসলামী ইন্স্যুরেন্স	২১১.০৭		১৪.৯২
সিঙ্গার বিডি	২০৮.০৮		২৯.২১
আনলিমা ইয়ার্ন	২০১.৮৮		নেগেটিভ
মুন্নু স্পুল	২০০.৮৩		২০০.৮৩
ন্যাশনাল টি	১৭৮.০৭		নেগেটিভ
১ম প্রাইম এফএমএফ	১৭২.৫		৩৬.৩২
গোল্ডেন হার্ভেস্ট এগ্রো লি.	১৫০		৬০০
অরিয়ন ইনফিউশন	১৪৮.১১		১৪৫.২৯
নাভানা ফার্মা	১৪২.৫		১৪২.৫
বিডি অটোকারস	১৩৩.৪১		২৩৯.৫৩
বিএসআরএম স্টিল	১৩৩.১৩		৭.৩৩
জুট স্পিনার্স	১৩১.৭		৫৬.১৫
ওয়াটা কেমিক্যালস	১২২.০৭		৪৯.৪৩
ড্রাগন সোয়েটার	১২১.০৯		২২২৮
ইস্টার্ন লুব্রিকেন্টস	১১৭.৬৬		১৬১.২৫
সাউথইস্ট ব্যাংক	১১০.৩৩		১০০.৩
ঢাকা ডাইং	১১০		৯৪.২৯
ন্যাশনাল লাইফ ইন্স্যুরেন্স	১০৮.৮৩		২২.৬৭
বিবিএস ক্যাবলস	১০৮.৪৮		১২.৪৪
ন্যাশনাল হাউজিং অ্যান্ড	১০৩.৫৭		১৮১.২৫
সোনালি আঁশ	১০০.০২		১০৩.৬
জাহিন স্পিনিং	৯৯		নেগেটিভ
শমরিতা হাসপাতাল	৯৬.৯১		৭৬.৬৩
একটিভ ফাইন কেমিক্যাল	৯৬.৫		১৭৫.৪৫
রূপালী ব্যাংক	৯৪.৫		২২.৯১
আইসিবি	৯৪.৪৪		৭৭.২৭
শাইনপুকুর সিরামিকস	৮৯		১১৪.১
দেশ বন্ধু পলিমার	৮৭.১৪		২৩.০২
রবি আজিয়াটা	৮৫.৭১		৮৮.২৪
আইটিসি	৮৪.৮১		৭৭.৬৩
আইসিবি ৩য় এনআরবি	৮৪.২৩		৪৮.৯৪
জিবিবি পাওয়ার	৮৩.৯৩		নেগেটিভ
কপারটেক	৮৩.৮৬		২০.৭৩
ডেফোডিল কম্পিউটার	৮০.২৪		৯৮.২১
এএফসি এগ্রো বায়োটেক	৭৩.৪৪		১০৬.৮২
ফু-ওয়াং ফুড	৭২.৫		৭৫.৬৫
গ্লোবাল ইন্স্যুরেন্স	৬৯.২৩		নেগেটিভ
বেঙ্গল থার্মো প্লাস্টিক	৬৭.৪২		৮৩.৪
মুন্নু এগ্রো	৬৫.২৬		৫৭.৬৭
গ্রিন ডেল্টা ইন্স্যুরেন্স	৬০.৫৩		৯.৫৮
ক্রাউন সিমেন্ট	৫৯.০৫		নেগেটিভ
আরামিট	৫৮.০৫		৩১.৩৮
এস আলম স্টিল মিল	৫৫.৫		৪৯.৭
এস্কোয়ার নিট	৫৩.৯১		৯০.৭৯
ইউনিলিভার	৫৩.৬৪		৭৪.২৬
বিকন ফার্মা	৫২.৩৩		৪৭.১৯
মেঘনা লাইফ ইন্স্যুরেন্স	৪৭.৭১		৫৮.৬৩
ইউনাইটেড ফাইন্যান্স	৪৭.৪		১৩.২৮
আমান ফিড	৪৬.৫৩		৩৬.৮৮
পেপার প্রসেসিং	৪৬.০৯		৩৫.৭১
আমান কটন	৪৫.৬৯		৩৪.৮৭
এআইবিএল ১ম মি. ফান্ড	৪৫.৬৩		৭.৩
মেঘনা ইন্স্যুরেন্স	৪৪.৬৯		২৯.৭৯
সি পার্ল হোটেল	৪৪.৬৪		২৩৩.২১
দেশ জেনারেল ইন্স্যুরেন্স	৪৩.৩৩		৩৩.১৯
সিনোবাংলা	৪২.৯৫		২৮.৯৫
মেঘনা পেট্রোলিয়াম	৪০.৪৯		৪৬.৮১
ডরিন পাওয়ার	৪০.১৩		৫.৯২
পিই ১ : সর্বশেষ মধ্যবর্তী আর্থিক প্রতিবেদনের ভিত্তিতে Basic EPS (চলমান প্রক্রিয়া) অনুযায়ী পিই রেশিও নির্ধারণ করা হয়েছে।
পিই ২ : সর্বশেষ মধ্যবর্তী আর্থিক প্রতিবেদনের ভিত্তিতে Diluted EPS (চলমান প্রক্রিয়া) অনুযায়ী পিই রেশিও নির্ধারণ করা হয়েছে।
পিই ৫ : সর্বশেষ এজিএমে অনুমোদিত সর্বশেষ নিরীক্ষিত আর্থিক প্রতিবেদনের ভিত্তিতে Basic EPS (চলমান প্রক্রিয়া) অনুযায়ী পিই রেশিও নির্ধারণ করা হয়েছে।
